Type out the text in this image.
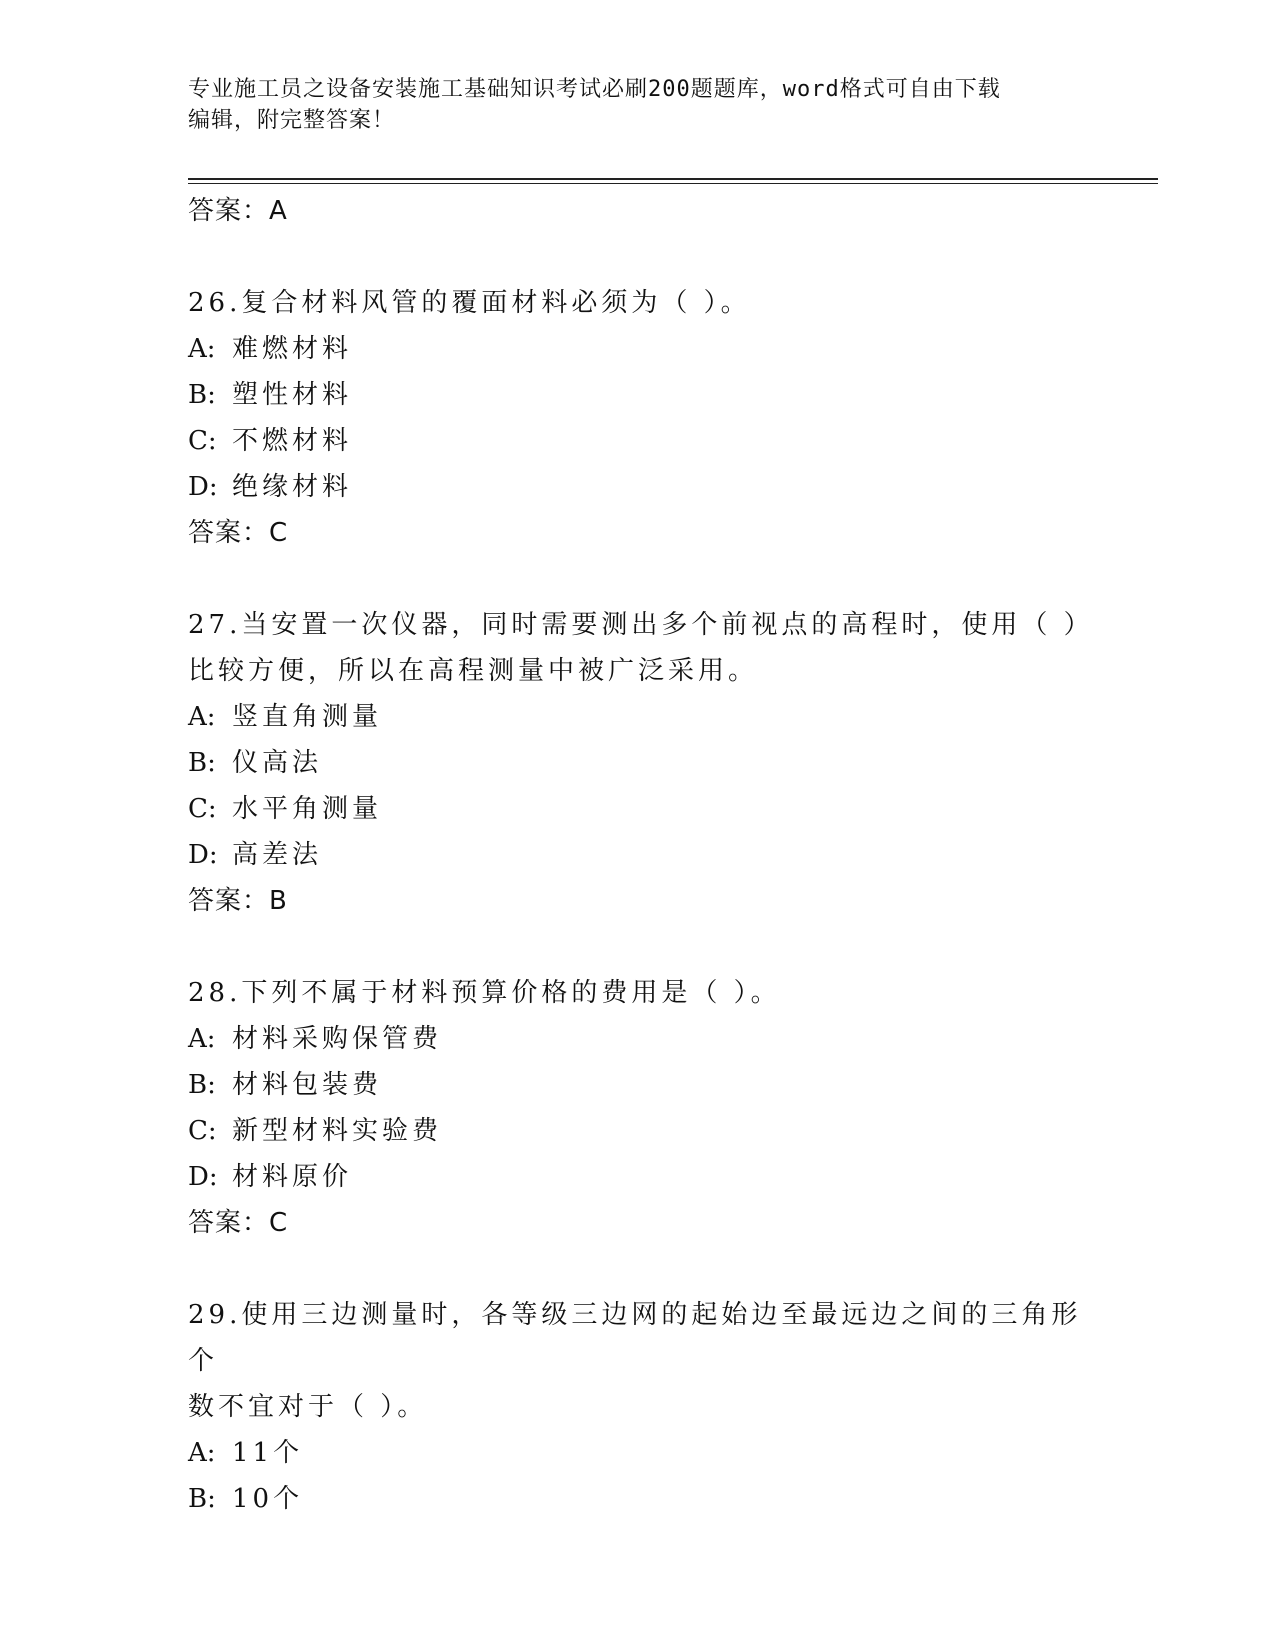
专业施工员之设备安装施工基础知识考试必刷200题题库，word格式可自由下载
编辑，附完整答案！
答案：A
26.复合材料风管的覆面材料必须为（ ）。
A: 难燃材料
B: 塑性材料
C: 不燃材料
D: 绝缘材料
答案：C
27.当安置一次仪器，同时需要测出多个前视点的高程时，使用（ ）
比较方便，所以在高程测量中被广泛采用。
A: 竖直角测量
B: 仪高法
C: 水平角测量
D: 高差法
答案：B
28.下列不属于材料预算价格的费用是（ ）。
A: 材料采购保管费
B: 材料包装费
C: 新型材料实验费
D: 材料原价
答案：C
29.使用三边测量时，各等级三边网的起始边至最远边之间的三角形个
数不宜对于（ ）。
A: 11个
B: 10个
